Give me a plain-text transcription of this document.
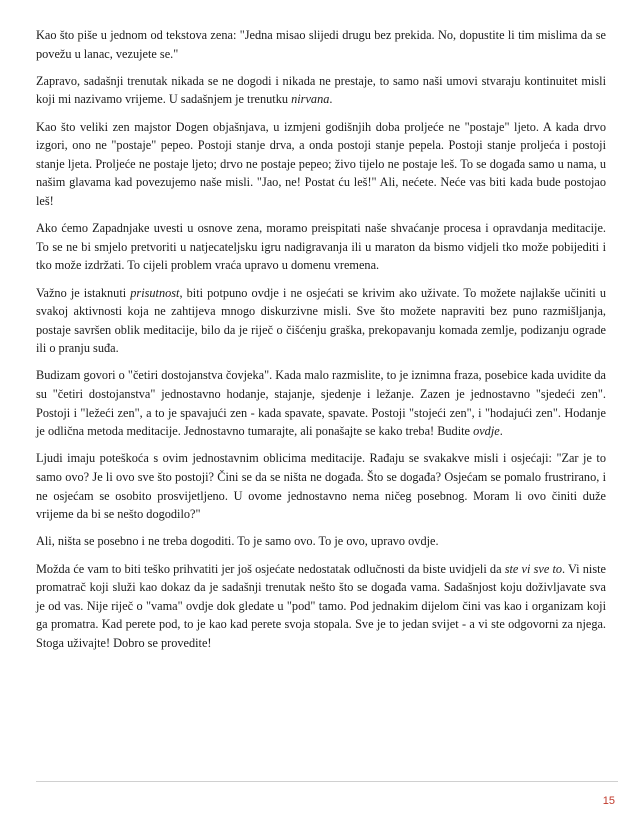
Kao što piše u jednom od tekstova zena: "Jedna misao slijedi drugu bez prekida. No, dopustite li tim mislima da se povežu u lanac, vezujete se."

Zapravo, sadašnji trenutak nikada se ne dogodi i nikada ne prestaje, to samo naši umovi stvaraju kontinuitet misli koji mi nazivamo vrijeme. U sadašnjem je trenutku nirvana.

Kao što veliki zen majstor Dogen objašnjava, u izmjeni godišnjih doba proljeće ne "postaje" ljeto. A kada drvo izgori, ono ne "postaje" pepeo. Postoji stanje drva, a onda postoji stanje pepela. Postoji stanje proljeća i postoji stanje ljeta. Proljeće ne postaje ljeto; drvo ne postaje pepeo; živo tijelo ne postaje leš. To se događa samo u nama, u našim glavama kad povezujemo naše misli. "Jao, ne! Postat ću leš!" Ali, nećete. Neće vas biti kada bude postojao leš!

Ako ćemo Zapadnjake uvesti u osnove zena, moramo preispitati naše shvaćanje procesa i opravdanja meditacije. To se ne bi smjelo pretvoriti u natjecateljsku igru nadigravanja ili u maraton da bismo vidjeli tko može pobijediti i tko može izdržati. To cijeli problem vraća upravo u domenu vremena.

Važno je istaknuti prisutnost, biti potpuno ovdje i ne osjećati se krivim ako uživate. To možete najlakše učiniti u svakoj aktivnosti koja ne zahtijeva mnogo diskurzivne misli. Sve što možete napraviti bez puno razmišljanja, postaje savršen oblik meditacije, bilo da je riječ o čišćenju graška, prekopavanju komada zemlje, podizanju ograde ili o pranju suđa.

Budizam govori o "četiri dostojanstva čovjeka". Kada malo razmislite, to je iznimna fraza, posebice kada uvidite da su "četiri dostojanstva" jednostavno hodanje, stajanje, sjedenje i ležanje. Zazen je jednostavno "sjedeći zen". Postoji i "ležeći zen", a to je spavajući zen - kada spavate, spavate. Postoji "stojeći zen", i "hodajući zen". Hodanje je odlična metoda meditacije. Jednostavno tumarajte, ali ponašajte se kako treba! Budite ovdje.

Ljudi imaju poteškoća s ovim jednostavnim oblicima meditacije. Rađaju se svakakve misli i osjećaji: "Zar je to samo ovo? Je li ovo sve što postoji? Čini se da se ništa ne događa. Što se događa? Osjećam se pomalo frustrirano, i ne osjećam se osobito prosvijetljeno. U ovome jednostavno nema ničeg posebnog. Moram li ovo činiti duže vrijeme da bi se nešto dogodilo?"

Ali, ništa se posebno i ne treba dogoditi. To je samo ovo. To je ovo, upravo ovdje.

Možda će vam to biti teško prihvatiti jer još osjećate nedostatak odlučnosti da biste uvidjeli da ste vi sve to. Vi niste promatrač koji služi kao dokaz da je sadašnji trenutak nešto što se događa vama. Sadašnjost koju doživljavate sva je od vas. Nije riječ o "vama" ovdje dok gledate u "pod" tamo. Pod jednakim dijelom čini vas kao i organizam koji ga promatra. Kad perete pod, to je kao kad perete svoja stopala. Sve je to jedan svijet - a vi ste odgovorni za njega. Stoga uživajte! Dobro se provedite!

15
